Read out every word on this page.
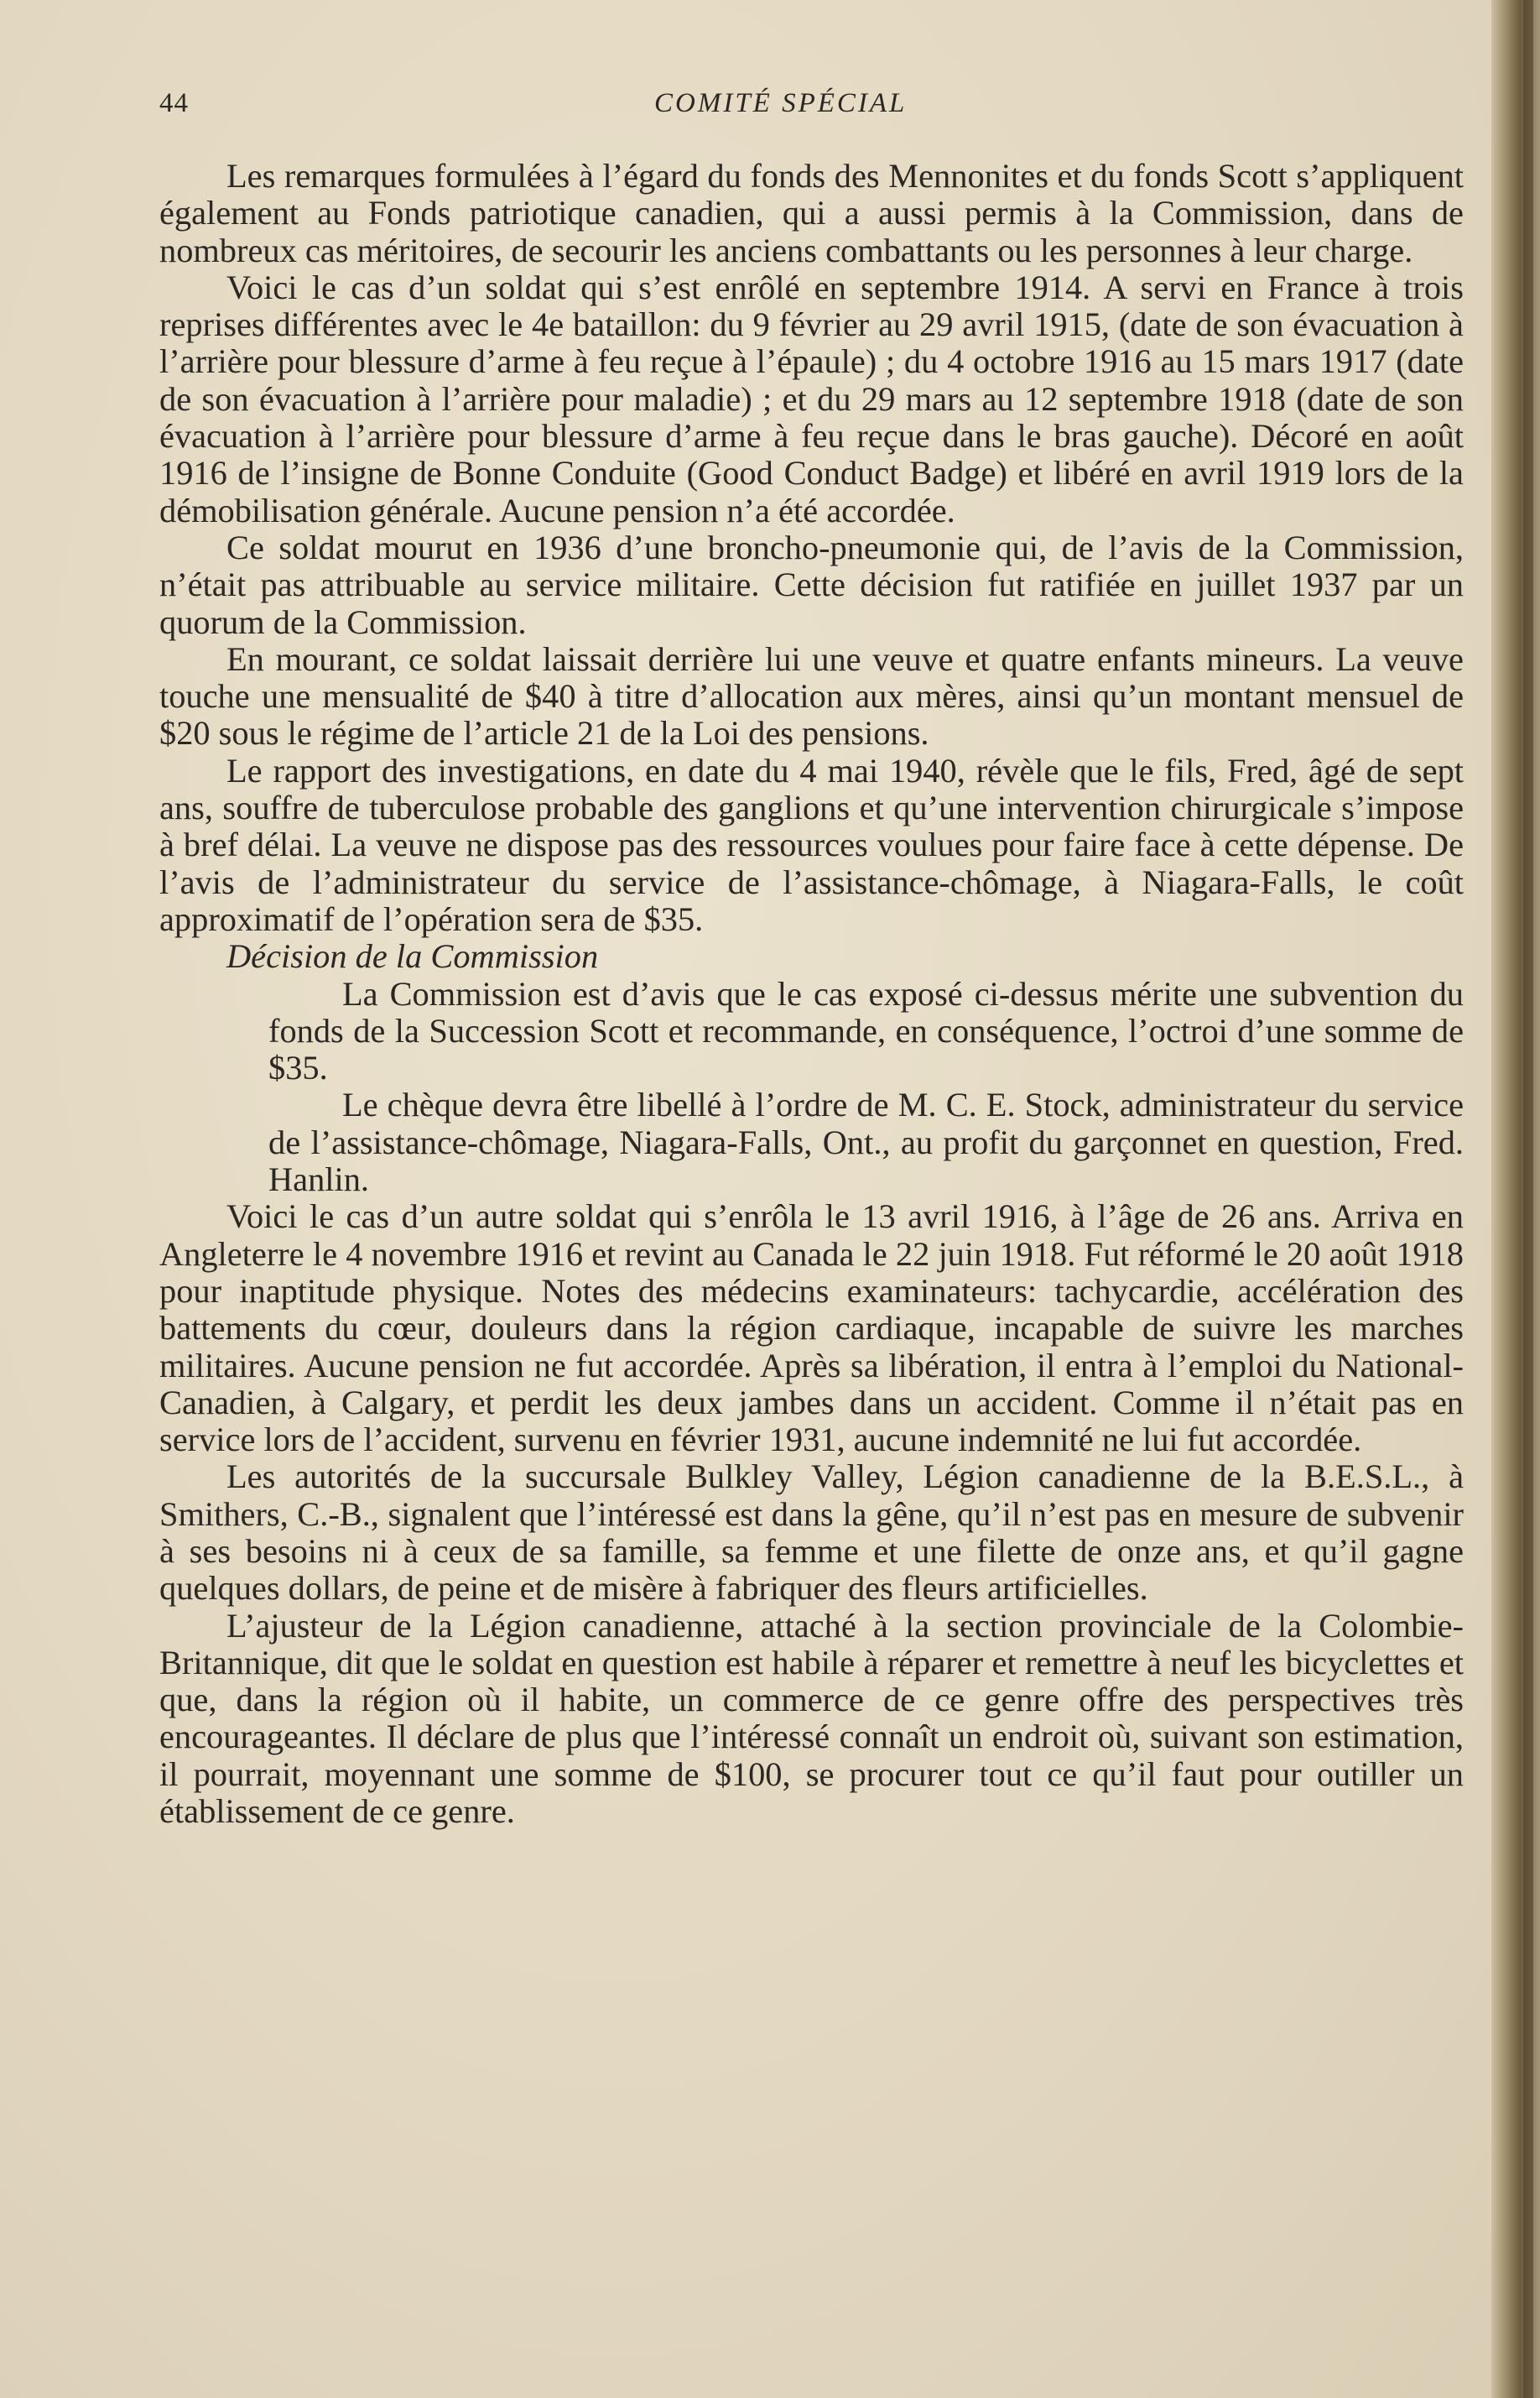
44	COMITÉ SPÉCIAL

Les remarques formulées à l’égard du fonds des Mennonites et du fonds Scott s’appliquent également au Fonds patriotique canadien, qui a aussi permis à la Commission, dans de nombreux cas méritoires, de secourir les anciens combattants ou les personnes à leur charge.

Voici le cas d’un soldat qui s’est enrôlé en septembre 1914. A servi en France à trois reprises différentes avec le 4e bataillon: du 9 février au 29 avril 1915, (date de son évacuation à l’arrière pour blessure d’arme à feu reçue à l’épaule) ; du 4 octobre 1916 au 15 mars 1917 (date de son évacuation à l’arrière pour maladie) ; et du 29 mars au 12 septembre 1918 (date de son évacuation à l’arrière pour blessure d’arme à feu reçue dans le bras gauche). Décoré en août 1916 de l’insigne de Bonne Conduite (Good Conduct Badge) et libéré en avril 1919 lors de la démobilisation générale. Aucune pension n’a été accordée.

Ce soldat mourut en 1936 d’une broncho-pneumonie qui, de l’avis de la Commission, n’était pas attribuable au service militaire. Cette décision fut ratifiée en juillet 1937 par un quorum de la Commission.

En mourant, ce soldat laissait derrière lui une veuve et quatre enfants mineurs. La veuve touche une mensualité de $40 à titre d’allocation aux mères, ainsi qu’un montant mensuel de $20 sous le régime de l’article 21 de la Loi des pensions.

Le rapport des investigations, en date du 4 mai 1940, révèle que le fils, Fred, âgé de sept ans, souffre de tuberculose probable des ganglions et qu’une intervention chirurgicale s’impose à bref délai. La veuve ne dispose pas des ressources voulues pour faire face à cette dépense. De l’avis de l’administrateur du service de l’assistance-chômage, à Niagara-Falls, le coût approximatif de l’opération sera de $35.

Décision de la Commission

La Commission est d’avis que le cas exposé ci-dessus mérite une subvention du fonds de la Succession Scott et recommande, en conséquence, l’octroi d’une somme de $35.

Le chèque devra être libellé à l’ordre de M. C. E. Stock, administrateur du service de l’assistance-chômage, Niagara-Falls, Ont., au profit du garçonnet en question, Fred. Hanlin.

Voici le cas d’un autre soldat qui s’enrôla le 13 avril 1916, à l’âge de 26 ans. Arriva en Angleterre le 4 novembre 1916 et revint au Canada le 22 juin 1918. Fut réformé le 20 août 1918 pour inaptitude physique. Notes des médecins examinateurs: tachycardie, accélération des battements du cœur, douleurs dans la région cardiaque, incapable de suivre les marches militaires. Aucune pension ne fut accordée. Après sa libération, il entra à l’emploi du National-Canadien, à Calgary, et perdit les deux jambes dans un accident. Comme il n’était pas en service lors de l’accident, survenu en février 1931, aucune indemnité ne lui fut accordée.

Les autorités de la succursale Bulkley Valley, Légion canadienne de la B.E.S.L., à Smithers, C.-B., signalent que l’intéressé est dans la gêne, qu’il n’est pas en mesure de subvenir à ses besoins ni à ceux de sa famille, sa femme et une filette de onze ans, et qu’il gagne quelques dollars, de peine et de misère à fabriquer des fleurs artificielles.

L’ajusteur de la Légion canadienne, attaché à la section provinciale de la Colombie-Britannique, dit que le soldat en question est habile à réparer et remettre à neuf les bicyclettes et que, dans la région où il habite, un commerce de ce genre offre des perspectives très encourageantes. Il déclare de plus que l’intéressé connaît un endroit où, suivant son estimation, il pourrait, moyennant une somme de $100, se procurer tout ce qu’il faut pour outiller un établissement de ce genre.
